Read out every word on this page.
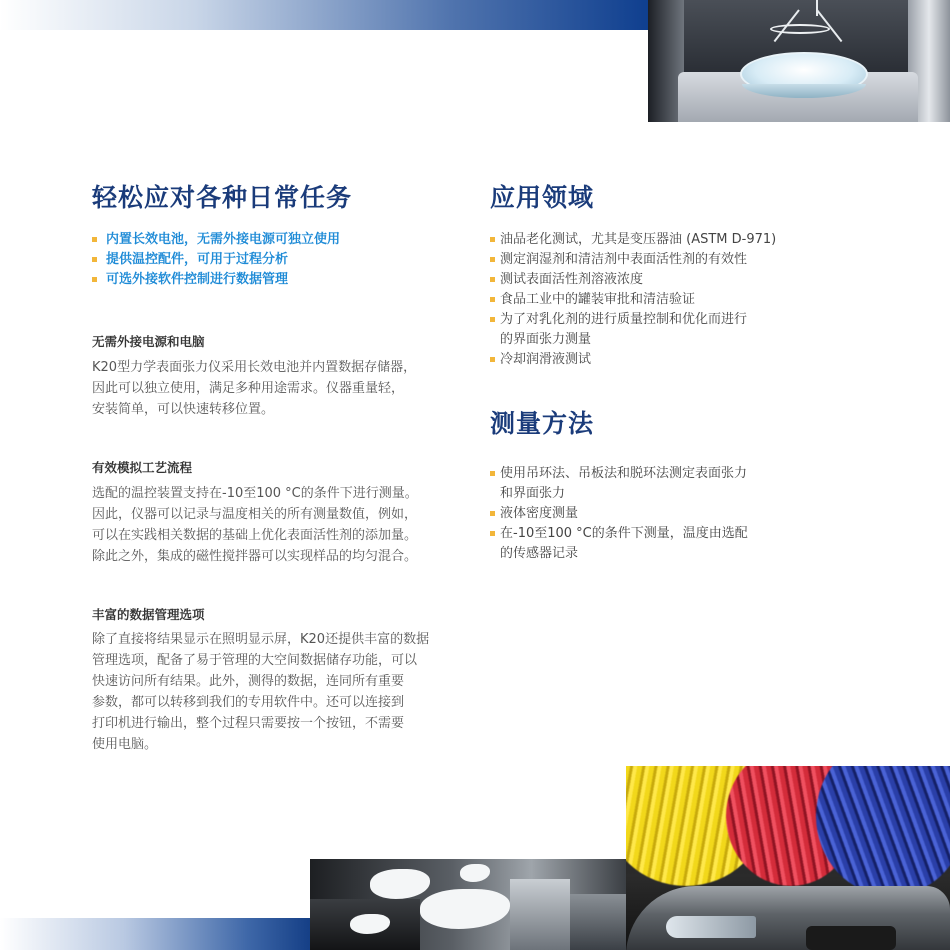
轻松应对各种日常任务
内置长效电池，无需外接电源可独立使用
提供温控配件，可用于过程分析
可选外接软件控制进行数据管理
无需外接电源和电脑
K20型力学表面张力仪采用长效电池并内置数据存储器，
因此可以独立使用，满足多种用途需求。仪器重量轻，
安装简单，可以快速转移位置。
有效模拟工艺流程
选配的温控装置支持在-10至100 °C的条件下进行测量。
因此，仪器可以记录与温度相关的所有测量数值，例如，
可以在实践相关数据的基础上优化表面活性剂的添加量。
除此之外，集成的磁性搅拌器可以实现样品的均匀混合。
丰富的数据管理选项
除了直接将结果显示在照明显示屏，K20还提供丰富的数据
管理选项，配备了易于管理的大空间数据储存功能，可以
快速访问所有结果。此外，测得的数据，连同所有重要
参数，都可以转移到我们的专用软件中。还可以连接到
打印机进行输出，整个过程只需要按一个按钮，不需要
使用电脑。
应用领域
油品老化测试，尤其是变压器油 (ASTM D-971)
测定润湿剂和清洁剂中表面活性剂的有效性
测试表面活性剂溶液浓度
食品工业中的罐装审批和清洁验证
为了对乳化剂的进行质量控制和优化而进行
的界面张力测量
冷却润滑液测试
测量方法
使用吊环法、吊板法和脱环法测定表面张力
和界面张力
液体密度测量
在-10至100 °C的条件下测量，温度由选配
的传感器记录
